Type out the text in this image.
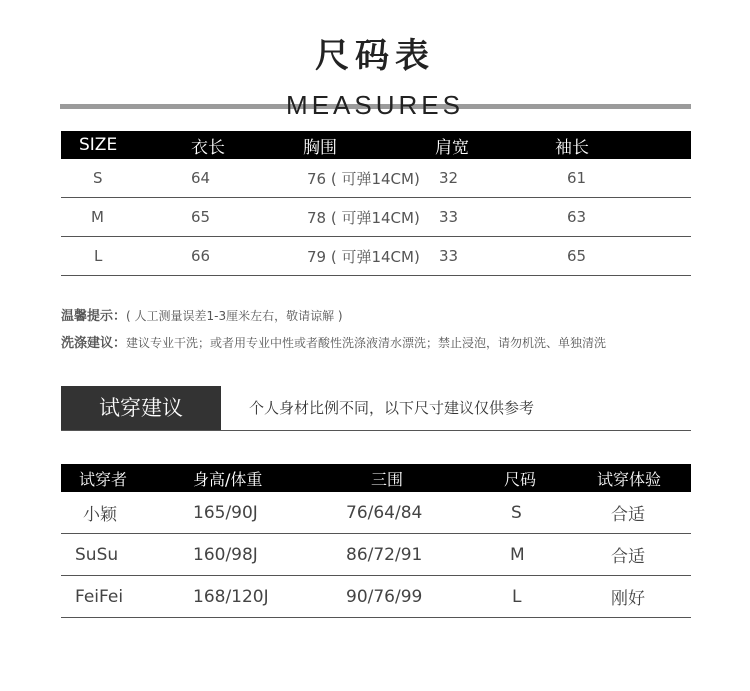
尺码表
MEASURES
SIZE	衣长	胸围	肩宽	袖长
S	64	76 ( 可弹14CM)	32	61
M	65	78 ( 可弹14CM)	33	63
L	66	79 ( 可弹14CM)	33	65
温馨提示：( 人工测量误差1-3厘米左右，敬请谅解 )
洗涤建议：建议专业干洗；或者用专业中性或者酸性洗涤液清水漂洗；禁止浸泡，请勿机洗、单独清洗
试穿建议	个人身材比例不同，以下尺寸建议仅供参考
试穿者	身高/体重	三围	尺码	试穿体验
小颖	165/90J	76/64/84	S	合适
SuSu	160/98J	86/72/91	M	合适
FeiFei	168/120J	90/76/99	L	刚好
